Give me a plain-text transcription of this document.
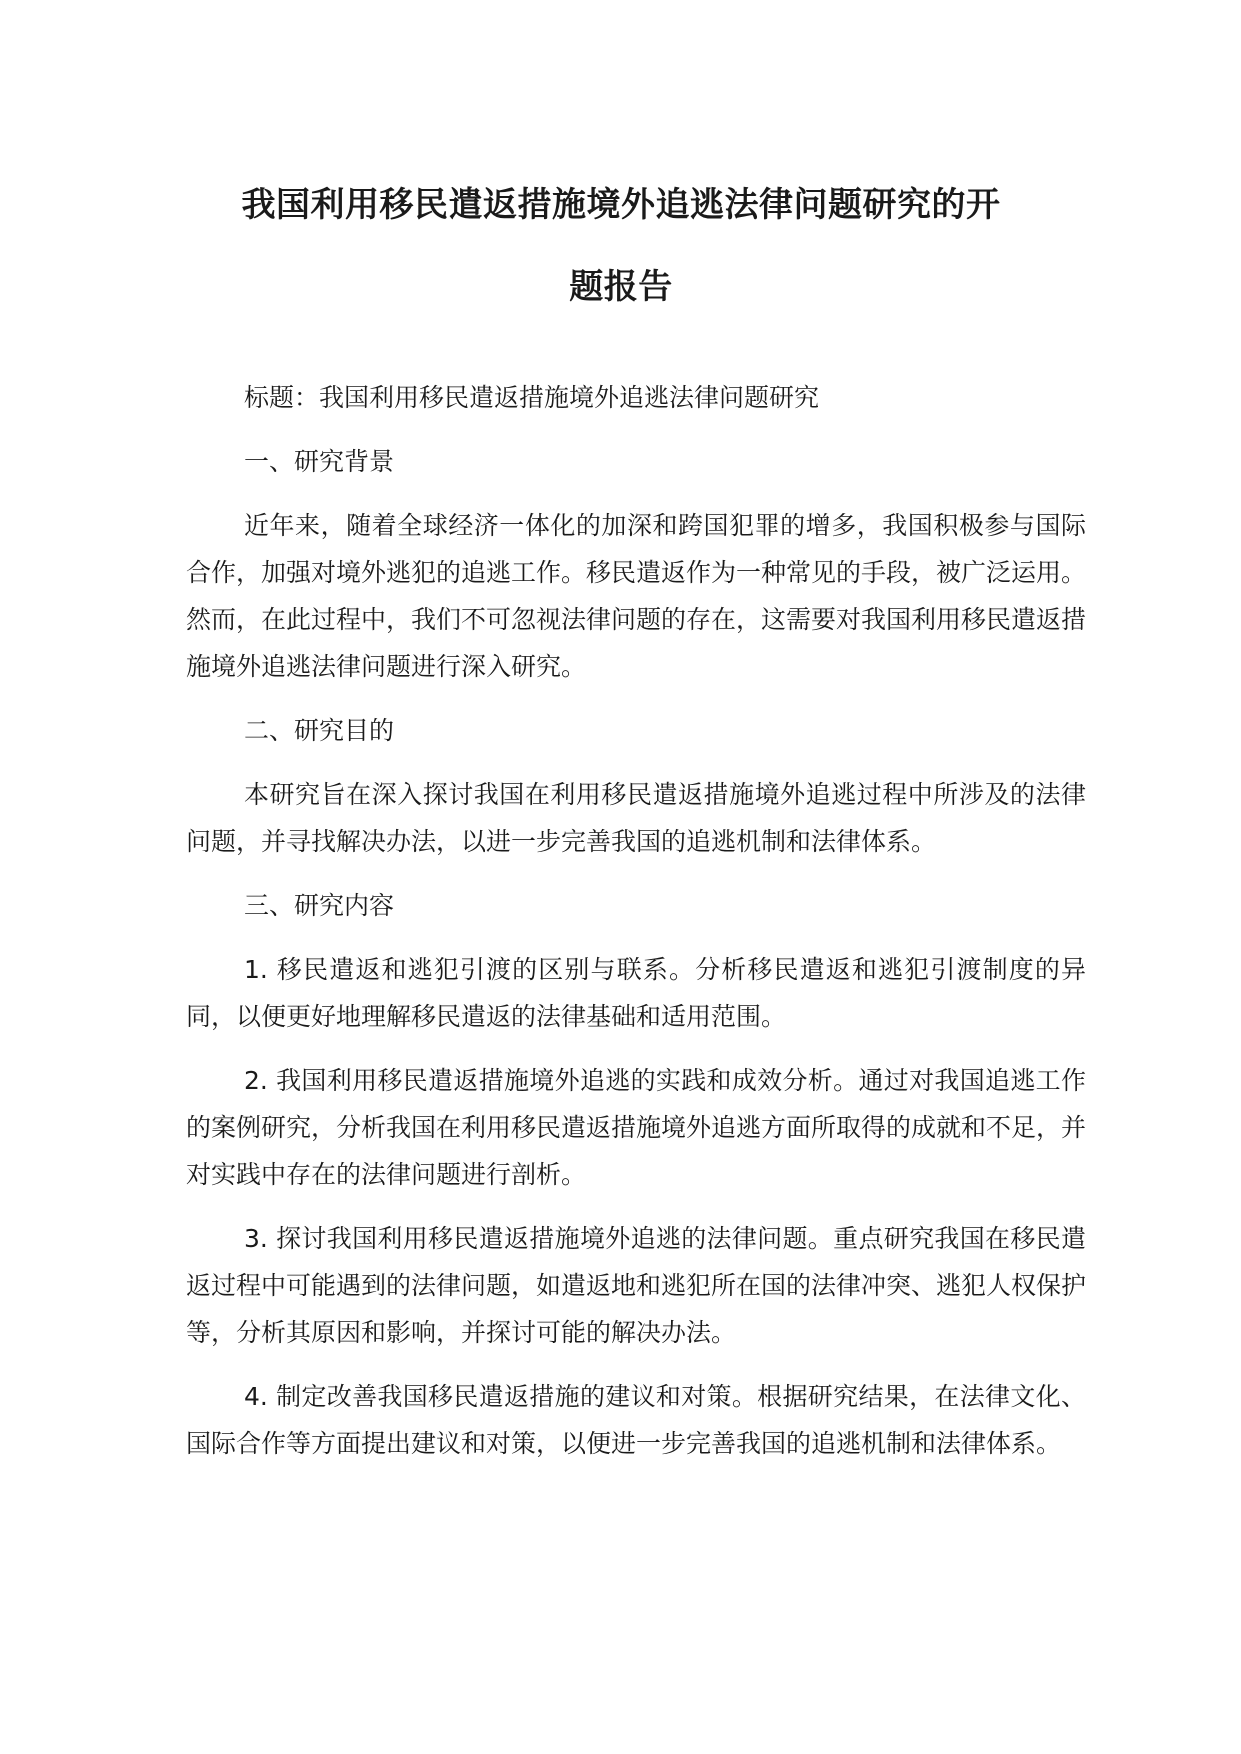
我国利用移民遣返措施境外追逃法律问题研究的开
题报告

标题：我国利用移民遣返措施境外追逃法律问题研究

一、研究背景

近年来，随着全球经济一体化的加深和跨国犯罪的增多，我国积极参与国际合作，加强对境外逃犯的追逃工作。移民遣返作为一种常见的手段，被广泛运用。然而，在此过程中，我们不可忽视法律问题的存在，这需要对我国利用移民遣返措施境外追逃法律问题进行深入研究。

二、研究目的

本研究旨在深入探讨我国在利用移民遣返措施境外追逃过程中所涉及的法律问题，并寻找解决办法，以进一步完善我国的追逃机制和法律体系。

三、研究内容

1. 移民遣返和逃犯引渡的区别与联系。分析移民遣返和逃犯引渡制度的异同，以便更好地理解移民遣返的法律基础和适用范围。

2. 我国利用移民遣返措施境外追逃的实践和成效分析。通过对我国追逃工作的案例研究，分析我国在利用移民遣返措施境外追逃方面所取得的成就和不足，并对实践中存在的法律问题进行剖析。

3. 探讨我国利用移民遣返措施境外追逃的法律问题。重点研究我国在移民遣返过程中可能遇到的法律问题，如遣返地和逃犯所在国的法律冲突、逃犯人权保护等，分析其原因和影响，并探讨可能的解决办法。

4. 制定改善我国移民遣返措施的建议和对策。根据研究结果，在法律文化、国际合作等方面提出建议和对策，以便进一步完善我国的追逃机制和法律体系。
